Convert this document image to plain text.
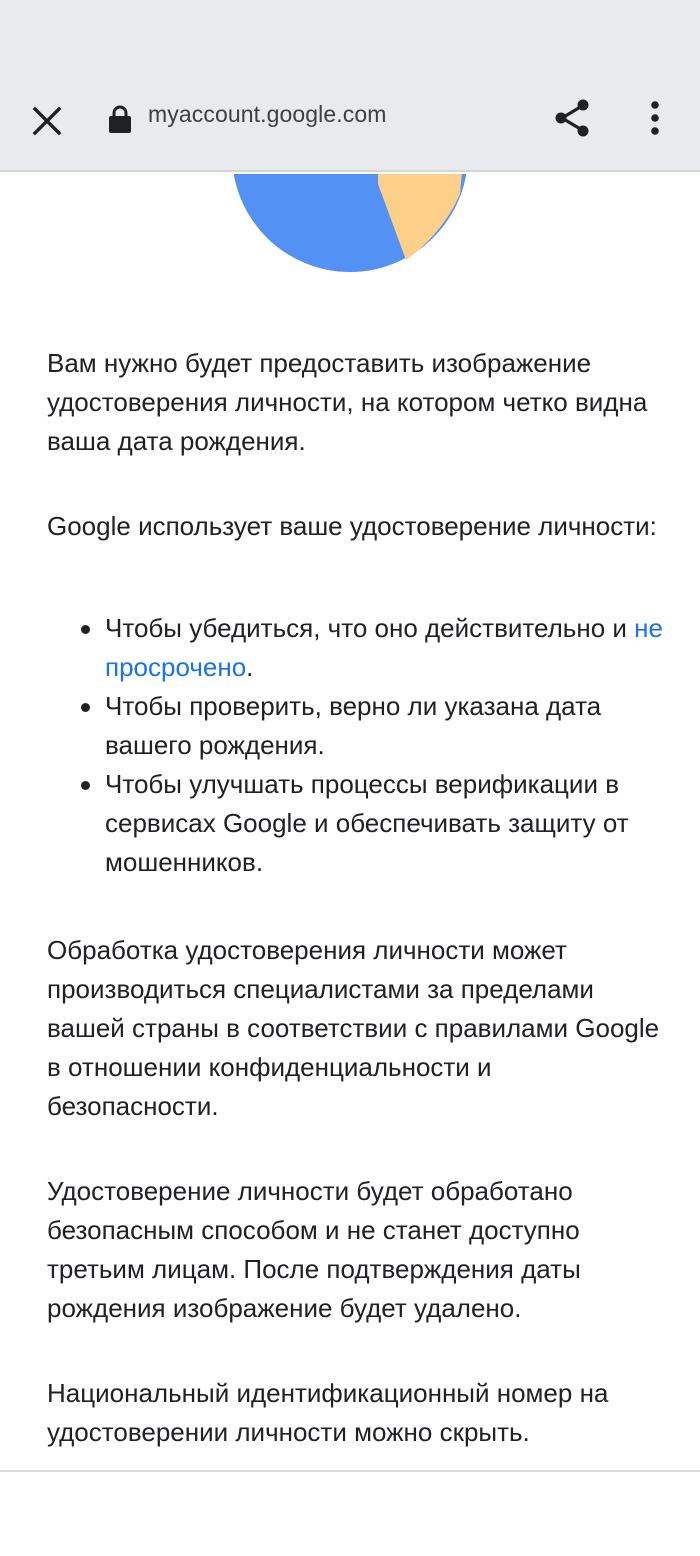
myaccount.google.com

Вам нужно будет предоставить изображение удостоверения личности, на котором четко видна ваша дата рождения.

Google использует ваше удостоверение личности:

Чтобы убедиться, что оно действительно и не просрочено.
Чтобы проверить, верно ли указана дата вашего рождения.
Чтобы улучшать процессы верификации в сервисах Google и обеспечивать защиту от мошенников.

Обработка удостоверения личности может производиться специалистами за пределами вашей страны в соответствии с правилами Google в отношении конфиденциальности и безопасности.

Удостоверение личности будет обработано безопасным способом и не станет доступно третьим лицам. После подтверждения даты рождения изображение будет удалено.

Национальный идентификационный номер на удостоверении личности можно скрыть.
